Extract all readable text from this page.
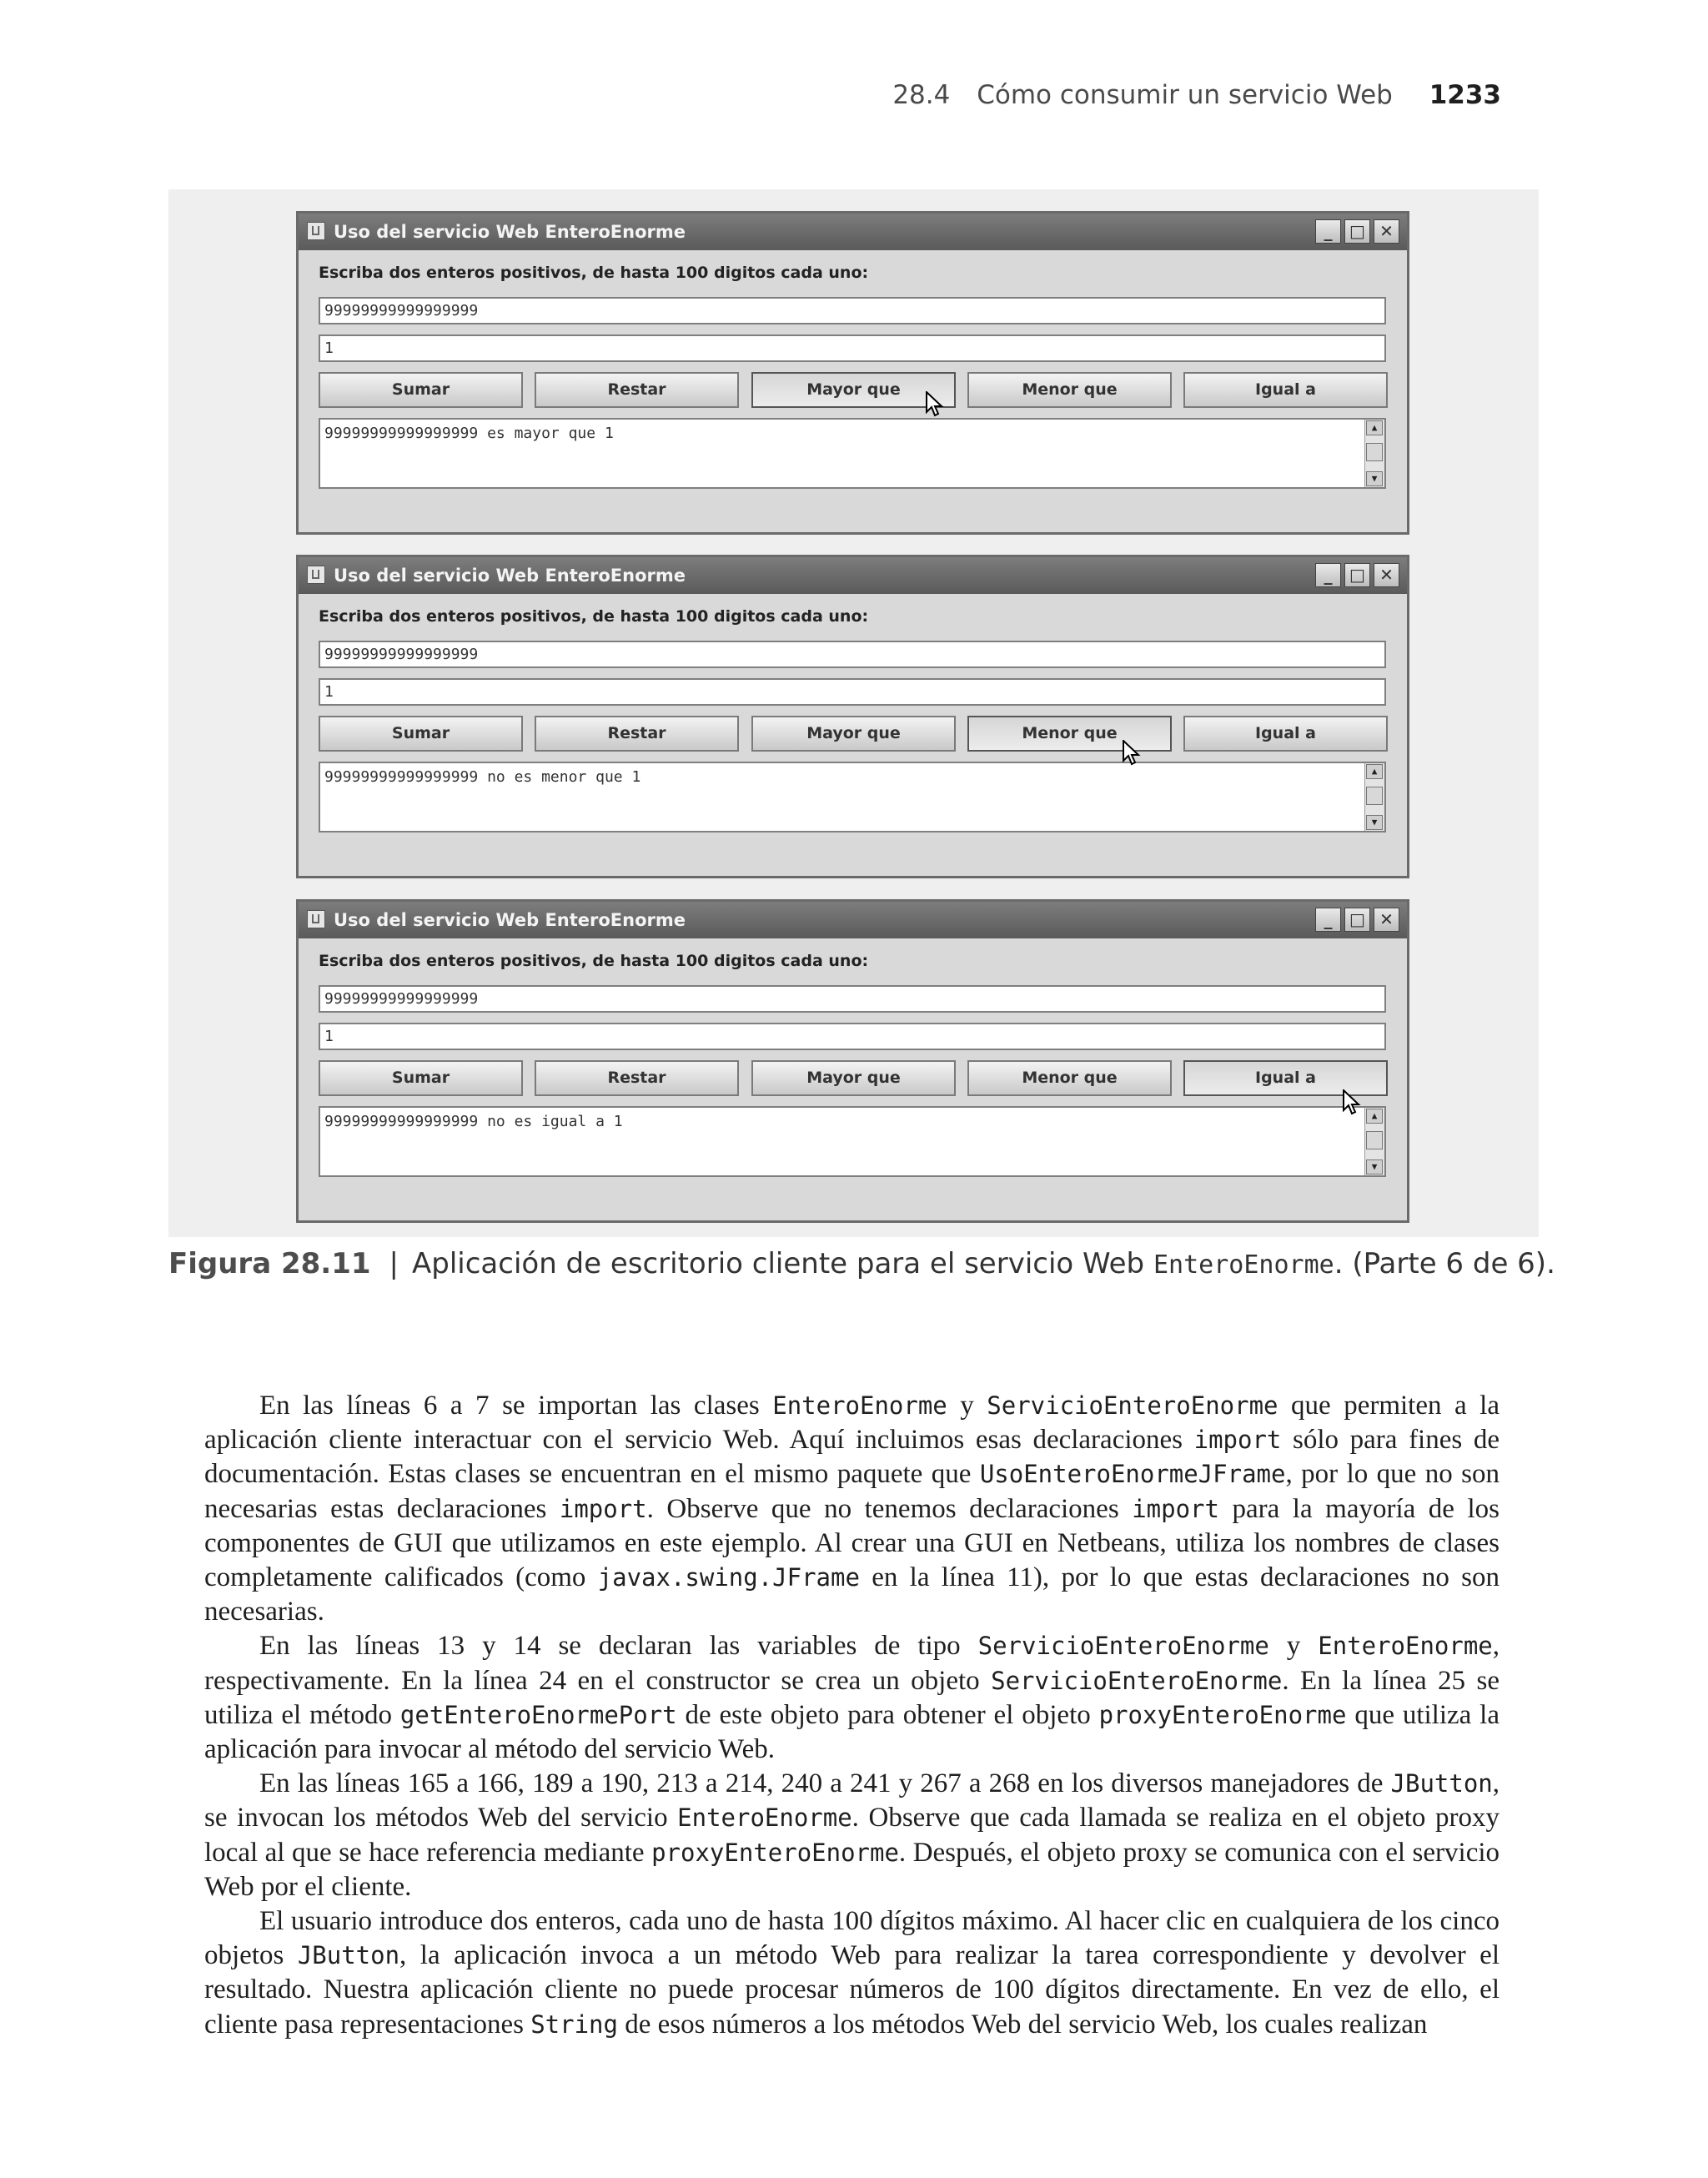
28.4 Cómo consumir un servicio Web 1233
Uso del servicio Web EnteroEnorme	_	□ ✕
Escriba dos enteros positivos, de hasta 100 digitos cada uno:
99999999999999999
1
Sumar	Restar	Mayor que	Menor que	Igual a
99999999999999999 es mayor que 1	▲
▼
Uso del servicio Web EnteroEnorme	_	□ ✕
Escriba dos enteros positivos, de hasta 100 digitos cada uno:
99999999999999999
1
Sumar	Restar	Mayor que	Menor que	Igual a
99999999999999999 no es menor que 1	▲
▼
Uso del servicio Web EnteroEnorme	_	□ ✕
Escriba dos enteros positivos, de hasta 100 digitos cada uno:
99999999999999999
1
Sumar	Restar	Mayor que	Menor que	Igual a
99999999999999999 no es igual a 1	▲
▼
Figura 28.11 | Aplicación de escritorio cliente para el servicio Web EnteroEnorme. (Parte 6 de 6).

En las líneas 6 a 7 se importan las clases EnteroEnorme y ServicioEnteroEnorme que permiten a la aplicación cliente interactuar con el servicio Web. Aquí incluimos esas declaraciones import sólo para fines de documentación. Estas clases se encuentran en el mismo paquete que UsoEnteroEnormeJFrame, por lo que no son necesarias estas declaraciones import. Observe que no tenemos declaraciones import para la mayoría de los componentes de GUI que utilizamos en este ejemplo. Al crear una GUI en Netbeans, utiliza los nombres de clases completamente calificados (como javax.swing.JFrame en la línea 11), por lo que estas declaraciones no son necesarias.

En las líneas 13 y 14 se declaran las variables de tipo ServicioEnteroEnorme y EnteroEnorme, respectivamente. En la línea 24 en el constructor se crea un objeto ServicioEnteroEnorme. En la línea 25 se utiliza el método getEnteroEnormePort de este objeto para obtener el objeto proxyEnteroEnorme que utiliza la aplicación para invocar al método del servicio Web.

En las líneas 165 a 166, 189 a 190, 213 a 214, 240 a 241 y 267 a 268 en los diversos manejadores de JButton, se invocan los métodos Web del servicio EnteroEnorme. Observe que cada llamada se realiza en el objeto proxy local al que se hace referencia mediante proxyEnteroEnorme. Después, el objeto proxy se comunica con el servicio Web por el cliente.

El usuario introduce dos enteros, cada uno de hasta 100 dígitos máximo. Al hacer clic en cualquiera de los cinco objetos JButton, la aplicación invoca a un método Web para realizar la tarea correspondiente y devolver el resultado. Nuestra aplicación cliente no puede procesar números de 100 dígitos directamente. En vez de ello, el cliente pasa representaciones String de esos números a los métodos Web del servicio Web, los cuales realizan
